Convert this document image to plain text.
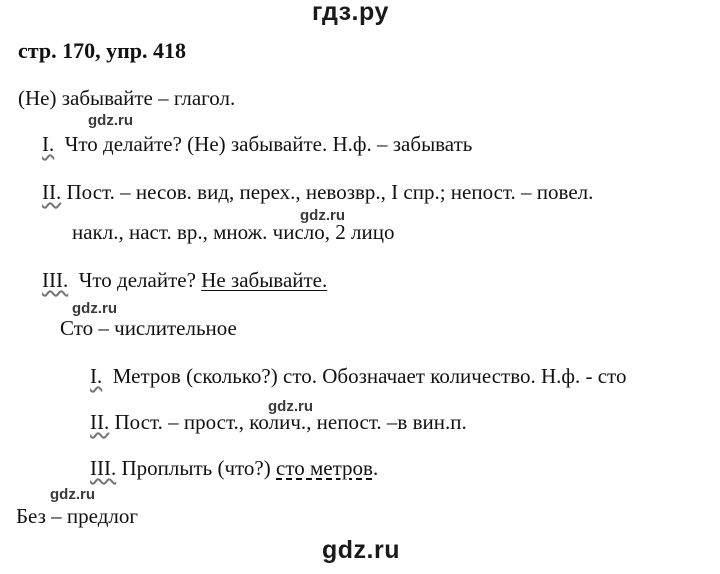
гдз.ру
стр. 170, упр. 418
(Не) забывайте – глагол.
gdz.ru
I. Что делайте? (Не) забывайте. Н.ф. – забывать
II. Пост. – несов. вид, перех., невозвр., I спр.; непост. – повел.
gdz.ru
накл., наст. вр., множ. число, 2 лицо
III. Что делайте? Не забывайте.
gdz.ru
Сто – числительное
I. Метров (сколько?) сто. Обозначает количество. Н.ф. - сто
gdz.ru
II. Пост. – прост., колич., непост. –в вин.п.
III. Проплыть (что?) сто метров.
gdz.ru
Без – предлог
gdz.ru
